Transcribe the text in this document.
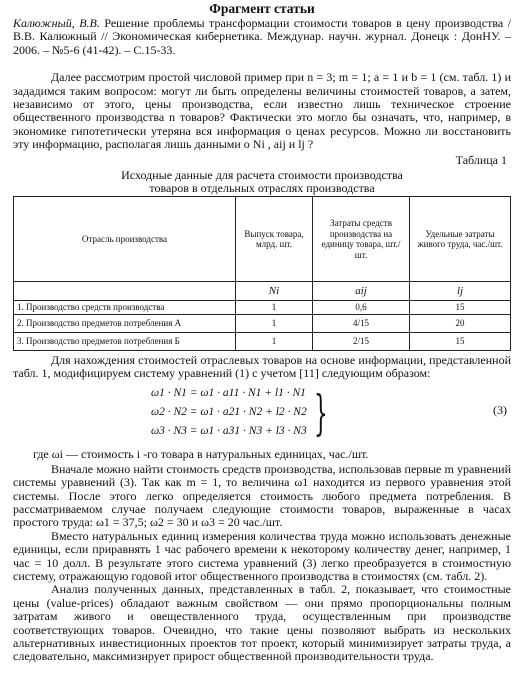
Фрагмент статьи
Калюжный, В.В. Решение проблемы трансформации стоимости товаров в цену производства / В.В. Калюжный // Экономическая кибернетика. Междунар. научн. журнал. Донецк : ДонНУ. – 2006. – №5-6 (41-42). – С.15-33.

Далее рассмотрим простой числовой пример при n = 3; m = 1; a = 1 и b = 1 (см. табл. 1) и зададимся таким вопросом: могут ли быть определены величины стоимостей товаров, а затем, независимо от этого, цены производства, если известно лишь техническое строение общественного производства n товаров? Фактически это могло бы означать, что, например, в экономике гипотетически утеряна вся информация о ценах ресурсов. Можно ли восстановить эту информацию, располагая лишь данными о Ni , aij и lj ?

Таблица 1
Исходные данные для расчета стоимости производства
товаров в отдельных отраслях производства
Отрасль производства	Выпуск товара, млрд. шт.	Затраты средств производства на единицу товара, шт./шт.	Удельные затраты живого труда, час./шт.
	Ni	aij	lj
1. Производство средств производства	1	0,6	15
2. Производство предметов потребления А	1	4/15	20
3. Производство предметов потребления Б	1	2/15	15

Для нахождения стоимостей отраслевых товаров на основе информации, представленной табл. 1, модифицируем систему уравнений (1) с учетом [11] следующим образом:

ω1 · N1 = ω1 · a11 · N1 + l1 · N1
ω2 · N2 = ω1 · a21 · N2 + l2 · N2
ω3 · N3 = ω1 · a31 · N3 + l3 · N3 }	(3)

где ωi — стоимость i -го товара в натуральных единицах, час./шт.

Вначале можно найти стоимость средств производства, использовав первые m уравнений системы уравнений (3). Так как m = 1, то величина ω1 находится из первого уравнения этой системы. После этого легко определяется стоимость любого предмета потребления. В рассматриваемом случае получаем следующие стоимости товаров, выраженные в часах простого труда: ω1 = 37,5; ω2 = 30 и ω3 = 20 час./шт.

Вместо натуральных единиц измерения количества труда можно использовать денежные единицы, если приравнять 1 час рабочего времени к некоторому количеству денег, например, 1 час = 10 долл. В результате этого система уравнений (3) легко преобразуется в стоимостную систему, отражающую годовой итог общественного производства в стоимостях (см. табл. 2).

Анализ полученных данных, представленных в табл. 2, показывает, что стоимостные цены (value-prices) обладают важным свойством — они прямо пропорциональны полным затратам живого и овеществленного труда, осуществленным при производстве соответствующих товаров. Очевидно, что такие цены позволяют выбрать из нескольких альтернативных инвестиционных проектов тот проект, который минимизирует затраты труда, а следовательно, максимизирует прирост общественной производительности труда.
